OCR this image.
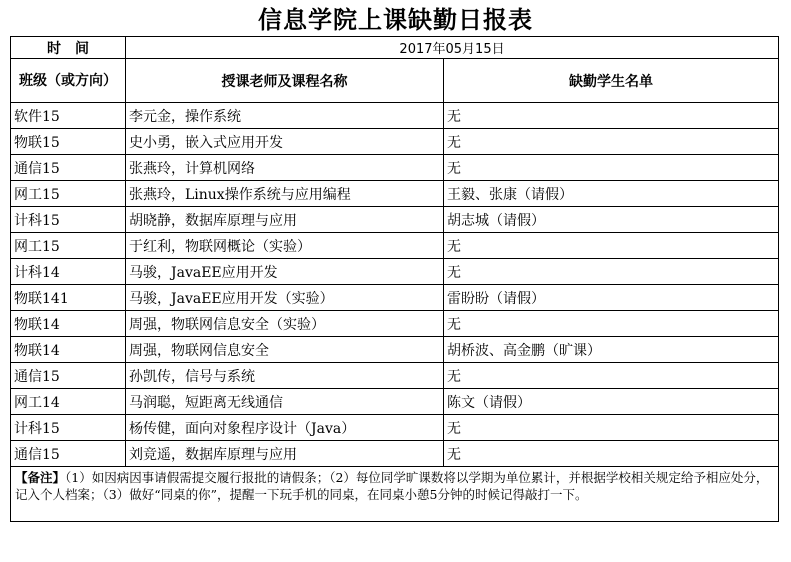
信息学院上课缺勤日报表
时　间	2017年05月15日	
班级（或方向）	授课老师及课程名称	缺勤学生名单
软件15	李元金，操作系统	无
物联15	史小勇，嵌入式应用开发	无
通信15	张燕玲，计算机网络	无
网工15	张燕玲，Linux操作系统与应用编程	王毅、张康（请假）
计科15	胡晓静，数据库原理与应用	胡志城（请假）
网工15	于红利，物联网概论（实验）	无
计科14	马骏，JavaEE应用开发	无
物联141	马骏，JavaEE应用开发（实验）	雷盼盼（请假）
物联14	周强，物联网信息安全（实验）	无
物联14	周强，物联网信息安全	胡桥波、高金鹏（旷课）
通信15	孙凯传，信号与系统	无
网工14	马润聪，短距离无线通信	陈文（请假）
计科15	杨传健，面向对象程序设计（Java）	无
通信15	刘竞遥，数据库原理与应用	无
【备注】（1）如因病因事请假需提交履行报批的请假条；（2）每位同学旷课数将以学期为单位累计，并根据学校相关规定给予相应处分，记入个人档案；（3）做好“同桌的你”，提醒一下玩手机的同桌，在同桌小憩5分钟的时候记得敲打一下。		
